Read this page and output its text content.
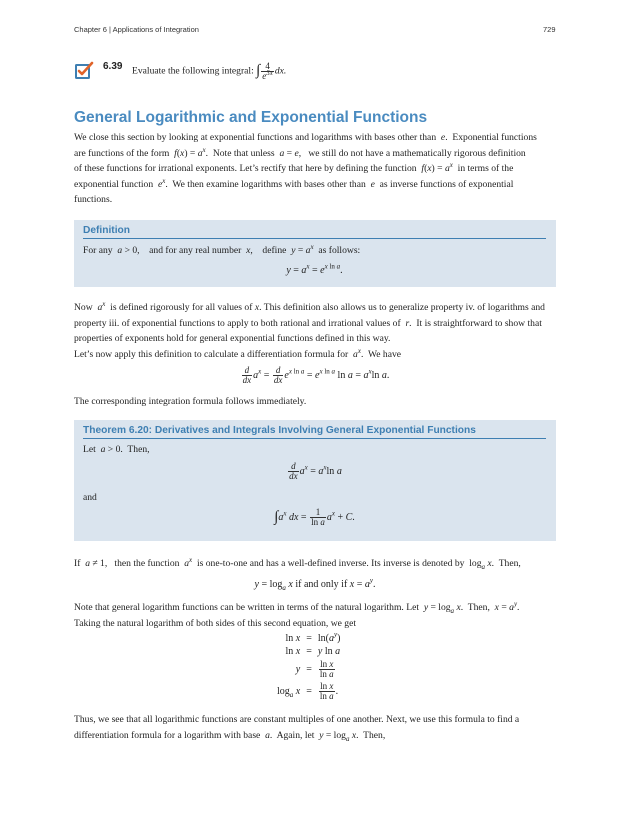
Chapter 6 | Applications of Integration	729
6.39 Evaluate the following integral: ∫ $\frac{4}{e^{3x}}$ dx.
General Logarithmic and Exponential Functions
We close this section by looking at exponential functions and logarithms with bases other than  e.  Exponential functions
are functions of the form  $f(x) = a^x$.  Note that unless  a = e,   we still do not have a mathematically rigorous definition
of these functions for irrational exponents. Let’s rectify that here by defining the function  $f(x) = a^x$  in terms of the
exponential function  $e^x$.  We then examine logarithms with bases other than  e  as inverse functions of exponential
functions.
Definition
For any a > 0,    and for any real number x,    define $y = a^x$ as follows:
$y = a^x = e^x$ $^{ln a}$.
Now  $a^x$  is defined rigorously for all values of x. This definition also allows us to generalize property iv. of logarithms and
property iii. of exponential functions to apply to both rational and irrational values of  r.  It is straightforward to show that
properties of exponents hold for general exponential functions defined in this way.
Let’s now apply this definition to calculate a differentiation formula for  $a^x$.  We have
$\frac{d}{dx} a^x = \frac{d}{dx} e^{x ln a} = e^{x ln a}$ $\ln a = a^x\ln$ a.
The corresponding integration formula follows immediately.
Theorem 6.20: Derivatives and Integrals Involving General Exponential Functions
Let a > 0.  Then,
$\frac{d}{dx} a^x = a^x\ln$ a
and
$\int a^x$ dx = $\frac{1}{\text{ln a}} a^x + C$.
If  a ≠ 1,   then the function  $a^x$  is one-to-one and has a well-defined inverse. Its inverse is denoted by  $\log_a x$.  Then,
$y = \log_a x$ if and only if $x = a^y$.
Note that general logarithm functions can be written in terms of the natural logarithm. Let  $y = \log_a x$.  Then,  $x = a^y$.
Taking the natural logarithm of both sides of this second equation, we get
ln x	=	$\ln(a^y)$
ln x	=	y ln a
y	=	$\frac{\text{ln x}}{\text{ln a}}$

$\log_a x$	=	$\frac{\text{ln x}}{\text{ln a}}$ .
Thus, we see that all logarithmic functions are constant multiples of one another. Next, we use this formula to find a
differentiation formula for a logarithm with base  a.  Again, let  $y = \log_a x$.  Then,
